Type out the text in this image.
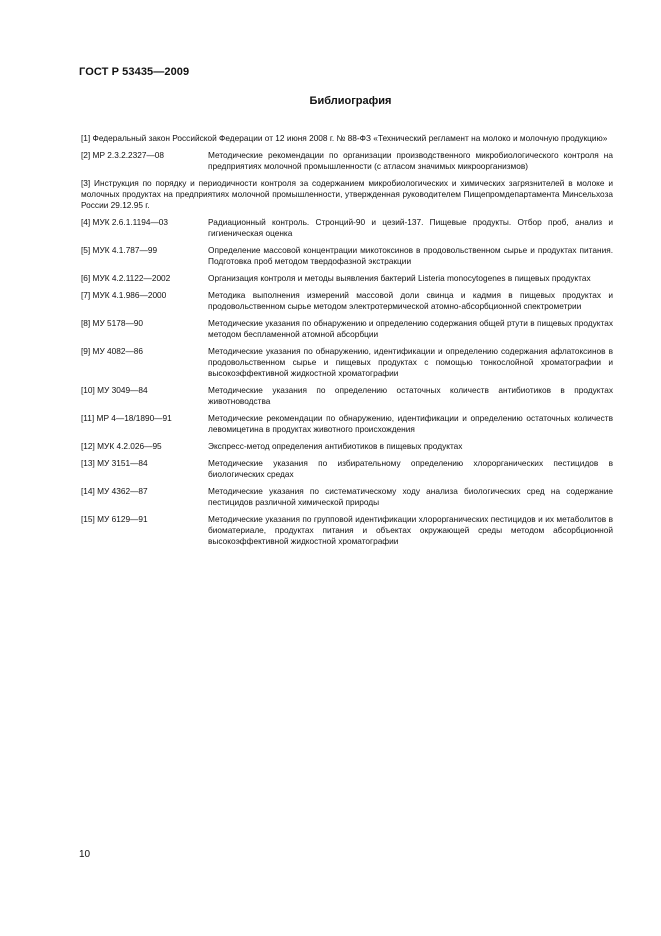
ГОСТ Р 53435—2009
Библиография
[1] Федеральный закон Российской Федерации от 12 июня 2008 г. № 88-ФЗ «Технический регламент на молоко и молочную продукцию»
[2] МР 2.3.2.2327—08	Методические рекомендации по организации производственного микробиологического контроля на предприятиях молочной промышленности (с атласом значимых микроорганизмов)
[3] Инструкция по порядку и периодичности контроля за содержанием микробиологических и химических загрязнителей в молоке и молочных продуктах на предприятиях молочной промышленности, утвержденная руководителем Пищепромдепартамента Минсельхоза России 29.12.95 г.
[4] МУК 2.6.1.1194—03	Радиационный контроль. Стронций-90 и цезий-137. Пищевые продукты. Отбор проб, анализ и гигиеническая оценка
[5] МУК 4.1.787—99	Определение массовой концентрации микотоксинов в продовольственном сырье и продуктах питания. Подготовка проб методом твердофазной экстракции
[6] МУК 4.2.1122—2002	Организация контроля и методы выявления бактерий Listeria monocytogenes в пищевых продуктах
[7] МУК 4.1.986—2000	Методика выполнения измерений массовой доли свинца и кадмия в пищевых продуктах и продовольственном сырье методом электротермической атомно-абсорбционной спектрометрии
[8] МУ 5178—90	Методические указания по обнаружению и определению содержания общей ртути в пищевых продуктах методом беспламенной атомной абсорбции
[9] МУ 4082—86	Методические указания по обнаружению, идентификации и определению содержания афлатоксинов в продовольственном сырье и пищевых продуктах с помощью тонкослойной хроматографии и высокоэффективной жидкостной хроматографии
[10] МУ 3049—84	Методические указания по определению остаточных количеств антибиотиков в продуктах животноводства
[11] МР 4—18/1890—91	Методические рекомендации по обнаружению, идентификации и определению остаточных количеств левомицетина в продуктах животного происхождения
[12] МУК 4.2.026—95	Экспресс-метод определения антибиотиков в пищевых продуктах
[13] МУ 3151—84	Методические указания по избирательному определению хлорорганических пестицидов в биологических средах
[14] МУ 4362—87	Методические указания по систематическому ходу анализа биологических сред на содержание пестицидов различной химической природы
[15] МУ 6129—91	Методические указания по групповой идентификации хлорорганических пестицидов и их метаболитов в биоматериале, продуктах питания и объектах окружающей среды методом абсорбционной высокоэффективной жидкостной хроматографии
10
